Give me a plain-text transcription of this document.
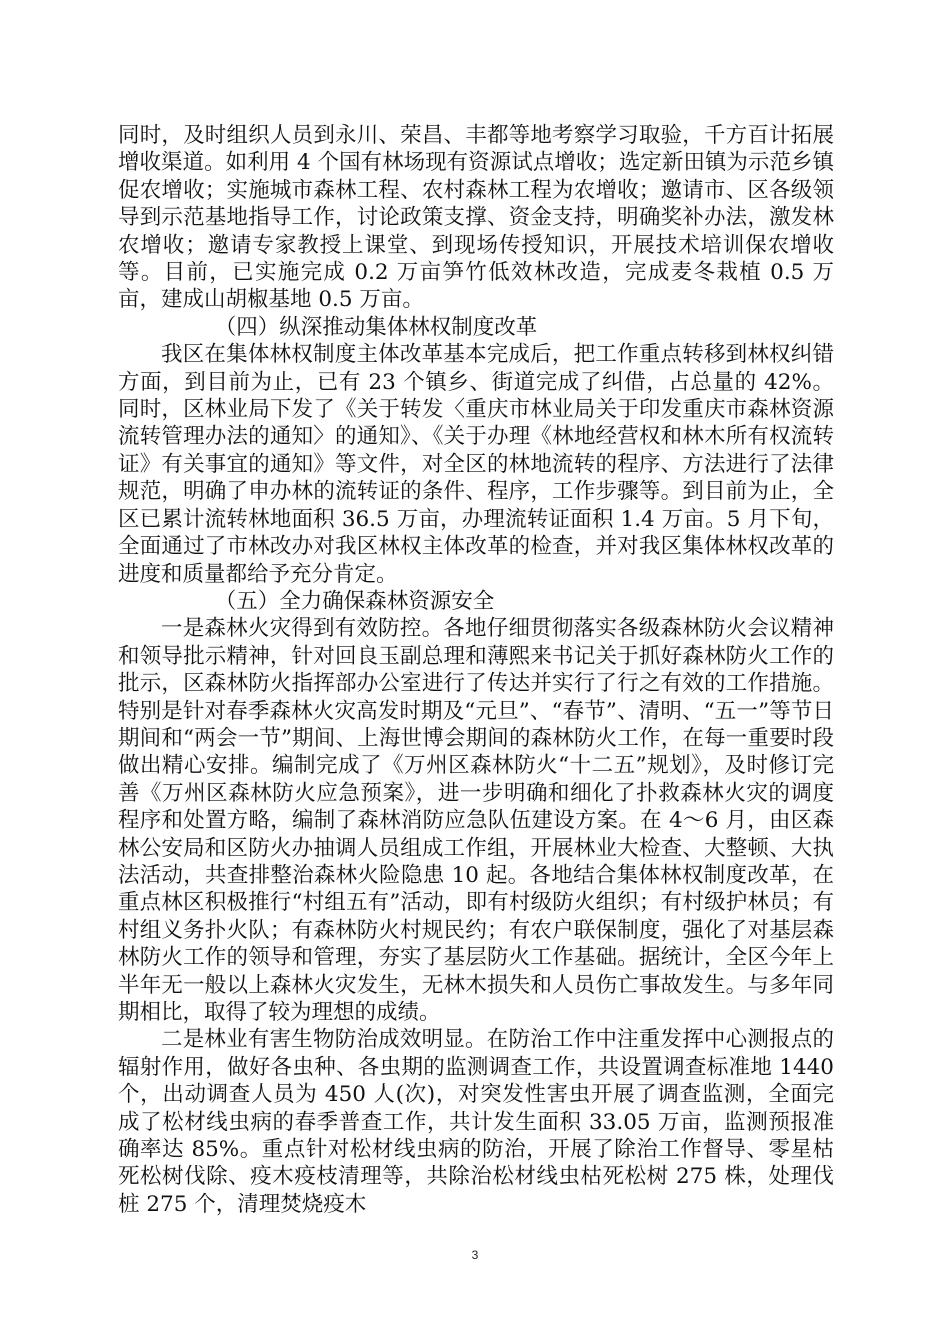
同时，及时组织人员到永川、荣昌、丰都等地考察学习取验，千方百计拓展增收渠道。如利用 4 个国有林场现有资源试点增收；选定新田镇为示范乡镇促农增收；实施城市森林工程、农村森林工程为农增收；邀请市、区各级领导到示范基地指导工作，讨论政策支撑、资金支持，明确奖补办法，激发林农增收；邀请专家教授上课堂、到现场传授知识，开展技术培训保农增收等。目前，已实施完成 0.2 万亩笋竹低效林改造，完成麦冬栽植 0.5 万亩，建成山胡椒基地 0.5 万亩。

（四）纵深推动集体林权制度改革

我区在集体林权制度主体改革基本完成后，把工作重点转移到林权纠错方面，到目前为止，已有 23 个镇乡、街道完成了纠借，占总量的 42%。同时，区林业局下发了《关于转发〈重庆市林业局关于印发重庆市森林资源流转管理办法的通知〉的通知》、《关于办理《林地经营权和林木所有权流转证》有关事宜的通知》等文件，对全区的林地流转的程序、方法进行了法律规范，明确了申办林的流转证的条件、程序，工作步骤等。到目前为止，全区已累计流转林地面积 36.5 万亩，办理流转证面积 1.4 万亩。5 月下旬，全面通过了市林改办对我区林权主体改革的检查，并对我区集体林权改革的进度和质量都给予充分肯定。

（五）全力确保森林资源安全

一是森林火灾得到有效防控。各地仔细贯彻落实各级森林防火会议精神和领导批示精神，针对回良玉副总理和薄熙来书记关于抓好森林防火工作的批示，区森林防火指挥部办公室进行了传达并实行了行之有效的工作措施。特别是针对春季森林火灾高发时期及“元旦”、“春节”、清明、“五一”等节日期间和“两会一节”期间、上海世博会期间的森林防火工作，在每一重要时段做出精心安排。编制完成了《万州区森林防火“十二五”规划》，及时修订完善《万州区森林防火应急预案》，进一步明确和细化了扑救森林火灾的调度程序和处置方略，编制了森林消防应急队伍建设方案。在 4～6 月，由区森林公安局和区防火办抽调人员组成工作组，开展林业大检查、大整顿、大执法活动，共查排整治森林火险隐患 10 起。各地结合集体林权制度改革，在重点林区积极推行“村组五有”活动，即有村级防火组织；有村级护林员；有村组义务扑火队；有森林防火村规民约；有农户联保制度，强化了对基层森林防火工作的领导和管理，夯实了基层防火工作基础。据统计，全区今年上半年无一般以上森林火灾发生，无林木损失和人员伤亡事故发生。与多年同期相比，取得了较为理想的成绩。

二是林业有害生物防治成效明显。在防治工作中注重发挥中心测报点的辐射作用，做好各虫种、各虫期的监测调查工作，共设置调查标准地 1440 个，出动调查人员为 450 人(次)，对突发性害虫开展了调查监测，全面完成了松材线虫病的春季普查工作，共计发生面积 33.05 万亩，监测预报准确率达 85%。重点针对松材线虫病的防治，开展了除治工作督导、零星枯死松树伐除、疫木疫枝清理等，共除治松材线虫枯死松树 275 株，处理伐桩 275 个，清理焚烧疫木

3
